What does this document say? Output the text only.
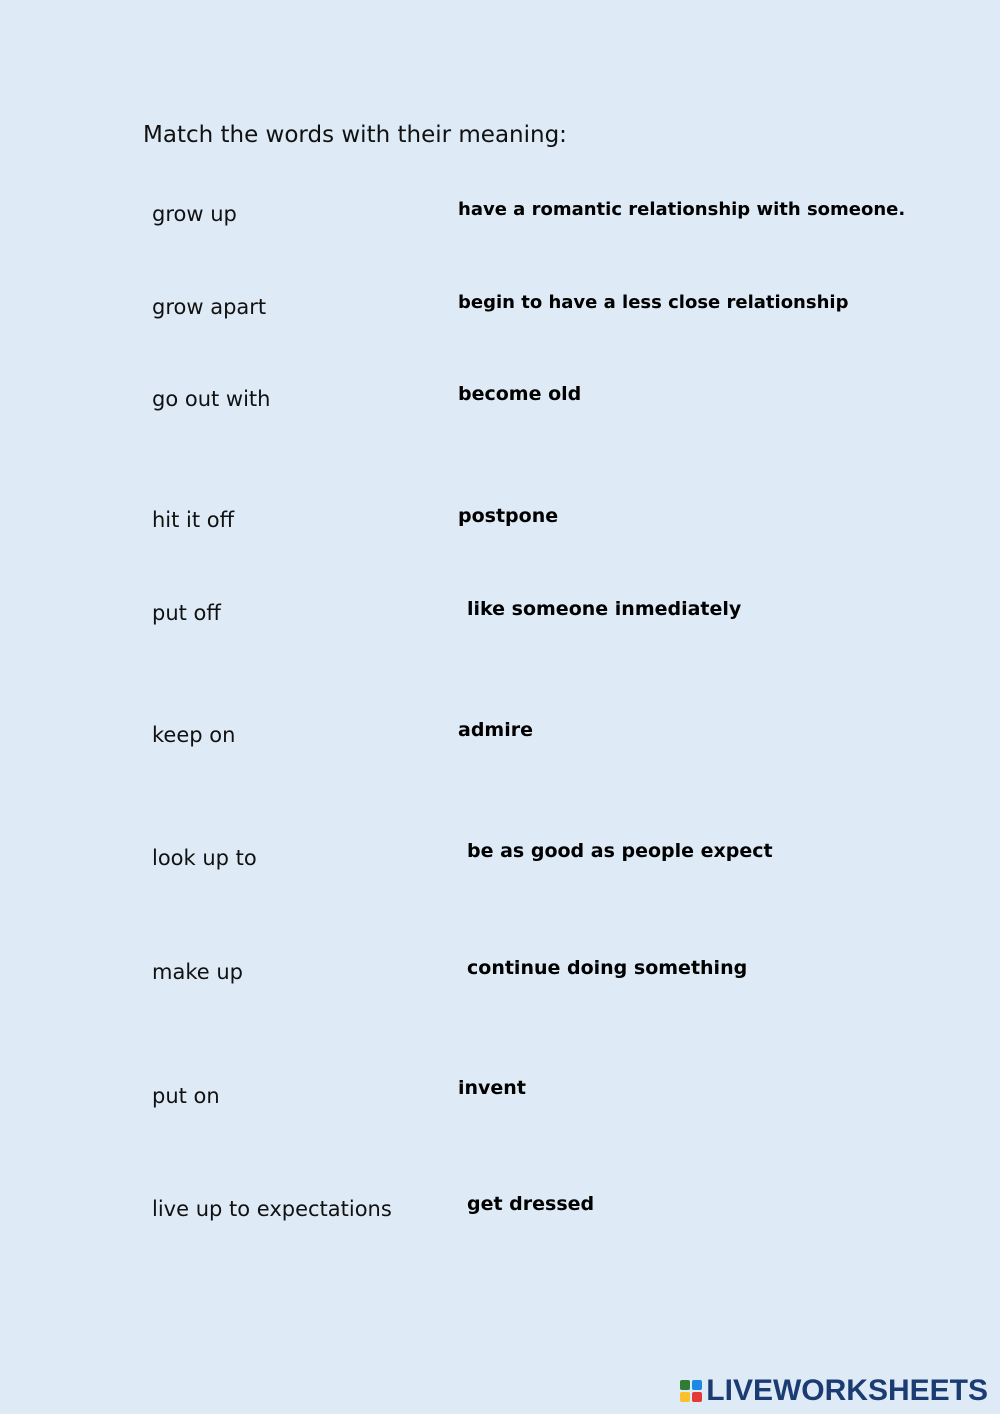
Match the words with their meaning:
grow up
grow apart
go out with
hit it off
put off
keep on
look up to
make up
put on
live up to expectations
have a romantic relationship with someone.
begin to have a less close relationship
become old
postpone
like someone inmediately
admire
be as good as people expect
continue doing something
invent
get dressed
LIVEWORKSHEETS
